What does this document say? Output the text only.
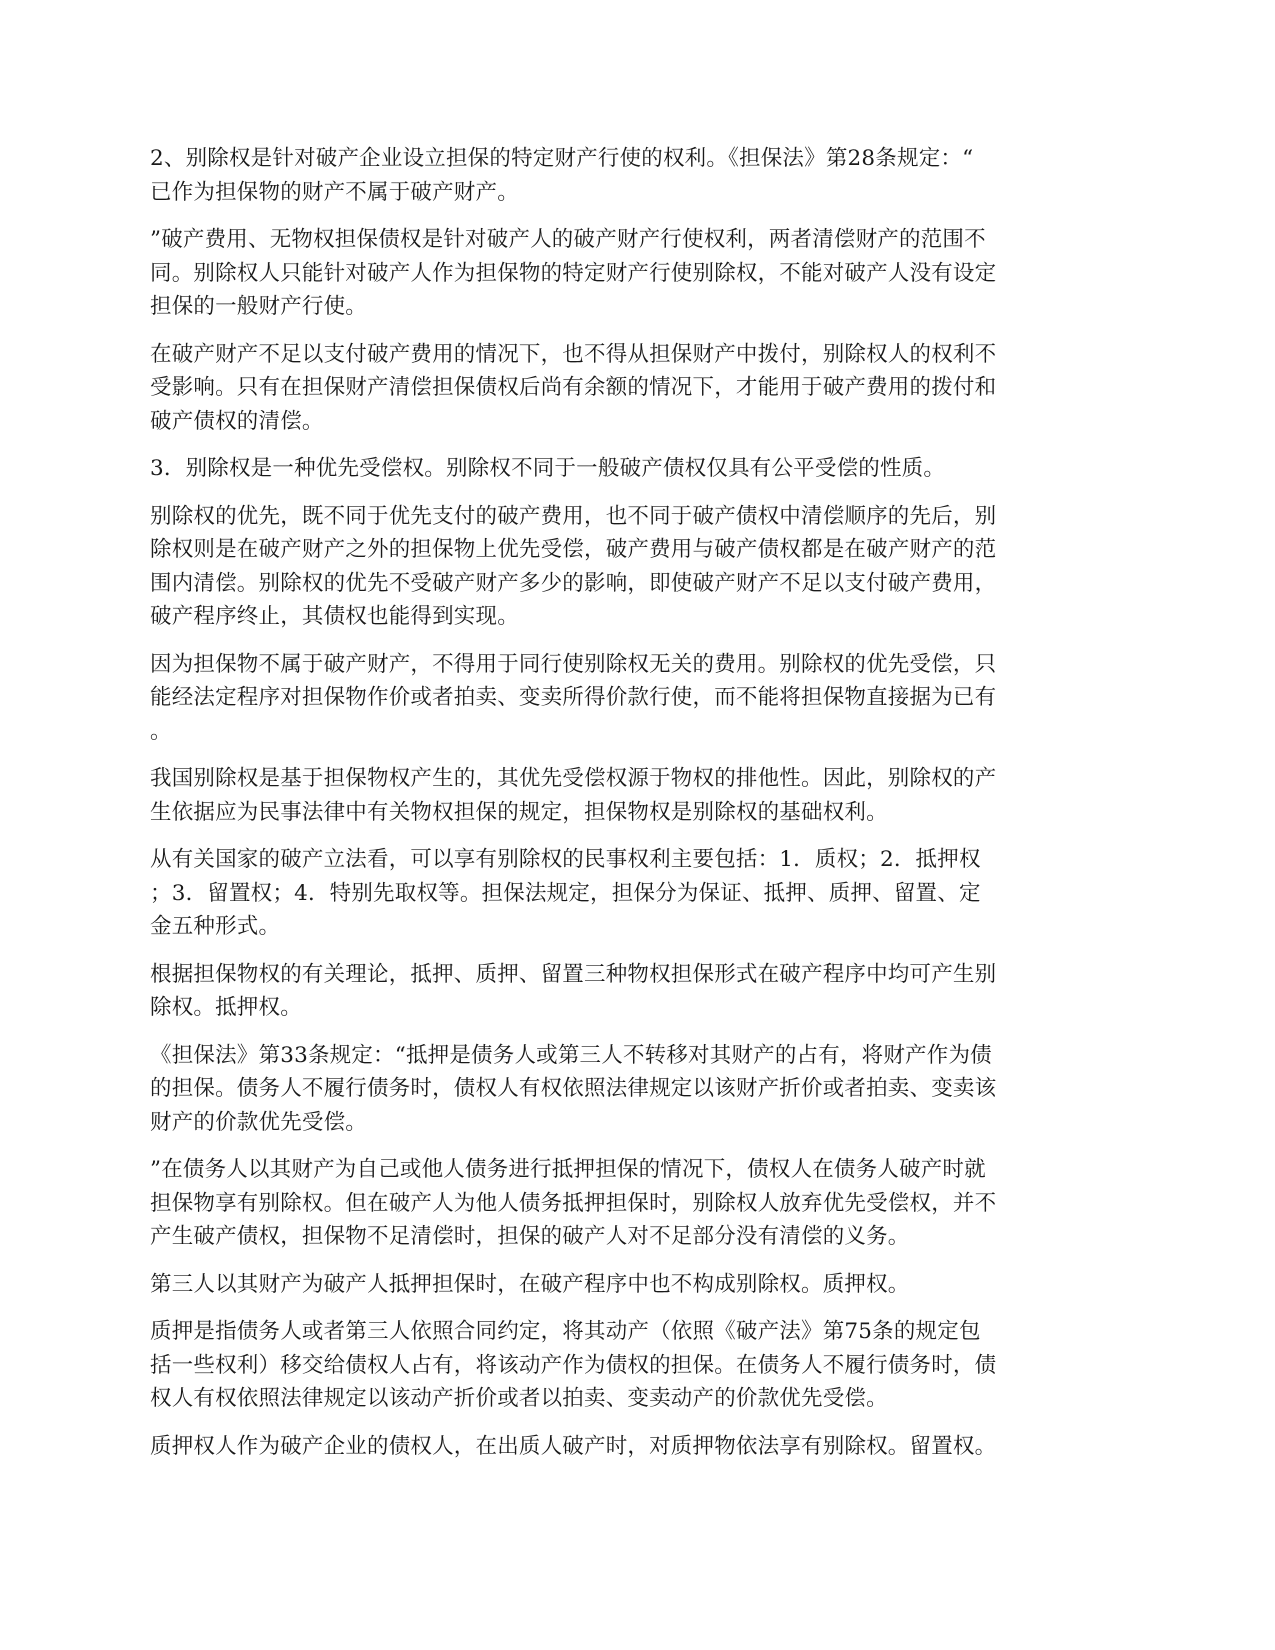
2、别除权是针对破产企业设立担保的特定财产行使的权利。《担保法》第28条规定：“
已作为担保物的财产不属于破产财产。

”破产费用、无物权担保债权是针对破产人的破产财产行使权利，两者清偿财产的范围不
同。别除权人只能针对破产人作为担保物的特定财产行使别除权，不能对破产人没有设定
担保的一般财产行使。

在破产财产不足以支付破产费用的情况下，也不得从担保财产中拨付，别除权人的权利不
受影响。只有在担保财产清偿担保债权后尚有余额的情况下，才能用于破产费用的拨付和
破产债权的清偿。

3．别除权是一种优先受偿权。别除权不同于一般破产债权仅具有公平受偿的性质。

别除权的优先，既不同于优先支付的破产费用，也不同于破产债权中清偿顺序的先后，别
除权则是在破产财产之外的担保物上优先受偿，破产费用与破产债权都是在破产财产的范
围内清偿。别除权的优先不受破产财产多少的影响，即使破产财产不足以支付破产费用，
破产程序终止，其债权也能得到实现。

因为担保物不属于破产财产，不得用于同行使别除权无关的费用。别除权的优先受偿，只
能经法定程序对担保物作价或者拍卖、变卖所得价款行使，而不能将担保物直接据为已有
。

我国别除权是基于担保物权产生的，其优先受偿权源于物权的排他性。因此，别除权的产
生依据应为民事法律中有关物权担保的规定，担保物权是别除权的基础权利。

从有关国家的破产立法看，可以享有别除权的民事权利主要包括：1．质权；2．抵押权
；3．留置权；4．特别先取权等。担保法规定，担保分为保证、抵押、质押、留置、定
金五种形式。

根据担保物权的有关理论，抵押、质押、留置三种物权担保形式在破产程序中均可产生别
除权。抵押权。

《担保法》第33条规定：“抵押是债务人或第三人不转移对其财产的占有，将财产作为债
的担保。债务人不履行债务时，债权人有权依照法律规定以该财产折价或者拍卖、变卖该
财产的价款优先受偿。

”在债务人以其财产为自己或他人债务进行抵押担保的情况下，债权人在债务人破产时就
担保物享有别除权。但在破产人为他人债务抵押担保时，别除权人放弃优先受偿权，并不
产生破产债权，担保物不足清偿时，担保的破产人对不足部分没有清偿的义务。

第三人以其财产为破产人抵押担保时，在破产程序中也不构成别除权。质押权。

质押是指债务人或者第三人依照合同约定，将其动产（依照《破产法》第75条的规定包
括一些权利）移交给债权人占有，将该动产作为债权的担保。在债务人不履行债务时，债
权人有权依照法律规定以该动产折价或者以拍卖、变卖动产的价款优先受偿。

质押权人作为破产企业的债权人，在出质人破产时，对质押物依法享有别除权。留置权。
